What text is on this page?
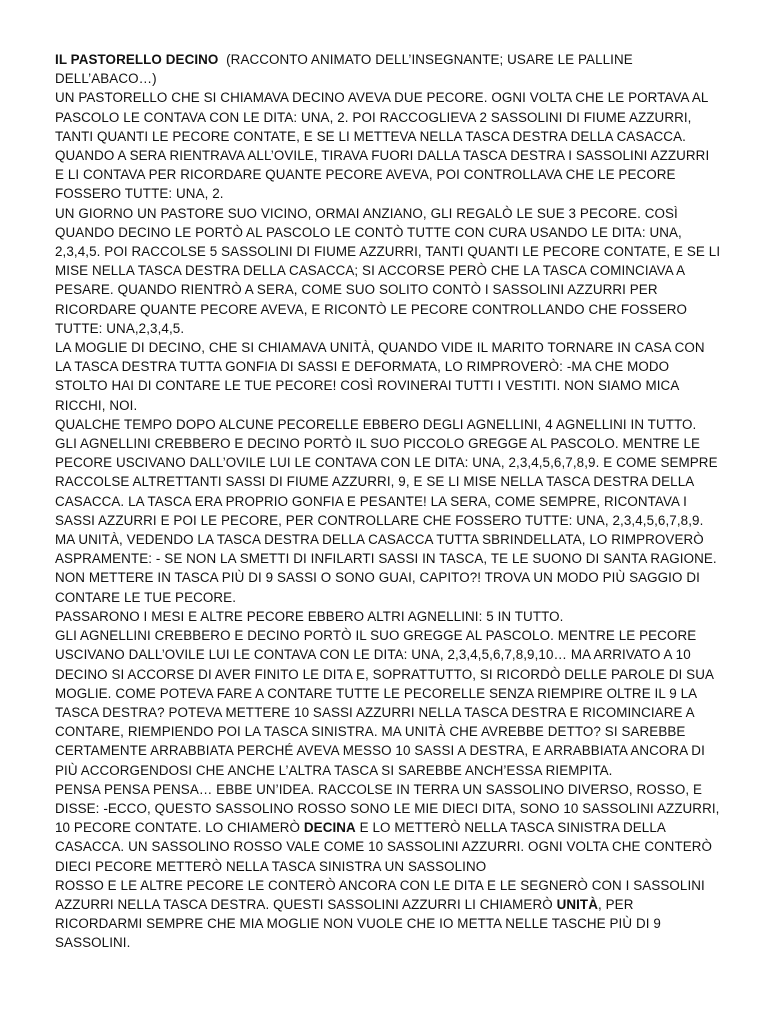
IL PASTORELLO DECINO (RACCONTO ANIMATO DELL’INSEGNANTE; USARE LE PALLINE DELL’ABACO…)

UN PASTORELLO CHE SI CHIAMAVA DECINO AVEVA DUE PECORE. OGNI VOLTA CHE LE PORTAVA AL PASCOLO LE CONTAVA CON LE DITA: UNA, 2. POI RACCOGLIEVA 2 SASSOLINI DI FIUME AZZURRI, TANTI QUANTI LE PECORE CONTATE, E SE LI METTEVA NELLA TASCA DESTRA DELLA CASACCA. QUANDO A SERA RIENTRAVA ALL’OVILE, TIRAVA FUORI DALLA TASCA DESTRA I SASSOLINI AZZURRI E LI CONTAVA PER RICORDARE QUANTE PECORE AVEVA, POI CONTROLLAVA CHE LE PECORE FOSSERO TUTTE: UNA, 2.

UN GIORNO UN PASTORE SUO VICINO, ORMAI ANZIANO, GLI REGALÒ LE SUE 3 PECORE. COSÌ QUANDO DECINO LE PORTÒ AL PASCOLO LE CONTÒ TUTTE CON CURA USANDO LE DITA: UNA, 2,3,4,5. POI RACCOLSE 5 SASSOLINI DI FIUME AZZURRI, TANTI QUANTI LE PECORE CONTATE, E SE LI MISE NELLA TASCA DESTRA DELLA CASACCA; SI ACCORSE PERÒ CHE LA TASCA COMINCIAVA A PESARE. QUANDO RIENTRÒ A SERA, COME SUO SOLITO CONTÒ I SASSOLINI AZZURRI PER RICORDARE QUANTE PECORE AVEVA, E RICONTÒ LE PECORE CONTROLLANDO CHE FOSSERO TUTTE: UNA,2,3,4,5.

LA MOGLIE DI DECINO, CHE SI CHIAMAVA UNITÀ, QUANDO VIDE IL MARITO TORNARE IN CASA CON LA TASCA DESTRA TUTTA GONFIA DI SASSI E DEFORMATA, LO RIMPROVERÒ: -MA CHE MODO STOLTO HAI DI CONTARE LE TUE PECORE! COSÌ ROVINERAI TUTTI I VESTITI. NON SIAMO MICA RICCHI, NOI.

QUALCHE TEMPO DOPO ALCUNE PECORELLE EBBERO DEGLI AGNELLINI, 4 AGNELLINI IN TUTTO. GLI AGNELLINI CREBBERO E DECINO PORTÒ IL SUO PICCOLO GREGGE AL PASCOLO. MENTRE LE PECORE USCIVANO DALL’OVILE LUI LE CONTAVA CON LE DITA: UNA, 2,3,4,5,6,7,8,9. E COME SEMPRE RACCOLSE ALTRETTANTI SASSI DI FIUME AZZURRI, 9, E SE LI MISE NELLA TASCA DESTRA DELLA CASACCA. LA TASCA ERA PROPRIO GONFIA E PESANTE! LA SERA, COME SEMPRE, RICONTAVA I SASSI AZZURRI E POI LE PECORE, PER CONTROLLARE CHE FOSSERO TUTTE: UNA, 2,3,4,5,6,7,8,9.

MA UNITÀ, VEDENDO LA TASCA DESTRA DELLA CASACCA TUTTA SBRINDELLATA, LO RIMPROVERÒ ASPRAMENTE: - SE NON LA SMETTI DI INFILARTI SASSI IN TASCA, TE LE SUONO DI SANTA RAGIONE. NON METTERE IN TASCA PIÙ DI 9 SASSI O SONO GUAI, CAPITO?! TROVA UN MODO PIÙ SAGGIO DI CONTARE LE TUE PECORE.

PASSARONO I MESI E ALTRE PECORE EBBERO ALTRI AGNELLINI: 5 IN TUTTO.

GLI AGNELLINI CREBBERO E DECINO PORTÒ IL SUO GREGGE AL PASCOLO. MENTRE LE PECORE USCIVANO DALL’OVILE LUI LE CONTAVA CON LE DITA: UNA, 2,3,4,5,6,7,8,9,10… MA ARRIVATO A 10 DECINO SI ACCORSE DI AVER FINITO LE DITA E, SOPRATTUTTO, SI RICORDÒ DELLE PAROLE DI SUA MOGLIE. COME POTEVA FARE A CONTARE TUTTE LE PECORELLE SENZA RIEMPIRE OLTRE IL 9 LA TASCA DESTRA? POTEVA METTERE 10 SASSI AZZURRI NELLA TASCA DESTRA E RICOMINCIARE A CONTARE, RIEMPIENDO POI LA TASCA SINISTRA. MA UNITÀ CHE AVREBBE DETTO? SI SAREBBE CERTAMENTE ARRABBIATA PERCHÉ AVEVA MESSO 10 SASSI A DESTRA, E ARRABBIATA ANCORA DI PIÙ ACCORGENDOSI CHE ANCHE L’ALTRA TASCA SI SAREBBE ANCH’ESSA RIEMPITA.

PENSA PENSA PENSA… EBBE UN’IDEA. RACCOLSE IN TERRA UN SASSOLINO DIVERSO, ROSSO, E DISSE: -ECCO, QUESTO SASSOLINO ROSSO SONO LE MIE DIECI DITA, SONO 10 SASSOLINI AZZURRI, 10 PECORE CONTATE. LO CHIAMERÒ DECINA E LO METTERÒ NELLA TASCA SINISTRA DELLA CASACCA. UN SASSOLINO ROSSO VALE COME 10 SASSOLINI AZZURRI. OGNI VOLTA CHE CONTERÒ DIECI PECORE METTERÒ NELLA TASCA SINISTRA UN SASSOLINO

ROSSO E LE ALTRE PECORE LE CONTERÒ ANCORA CON LE DITA E LE SEGNERÒ CON I SASSOLINI AZZURRI NELLA TASCA DESTRA. QUESTI SASSOLINI AZZURRI LI CHIAMERÒ UNITÀ, PER RICORDARMI SEMPRE CHE MIA MOGLIE NON VUOLE CHE IO METTA NELLE TASCHE PIÙ DI 9 SASSOLINI.
